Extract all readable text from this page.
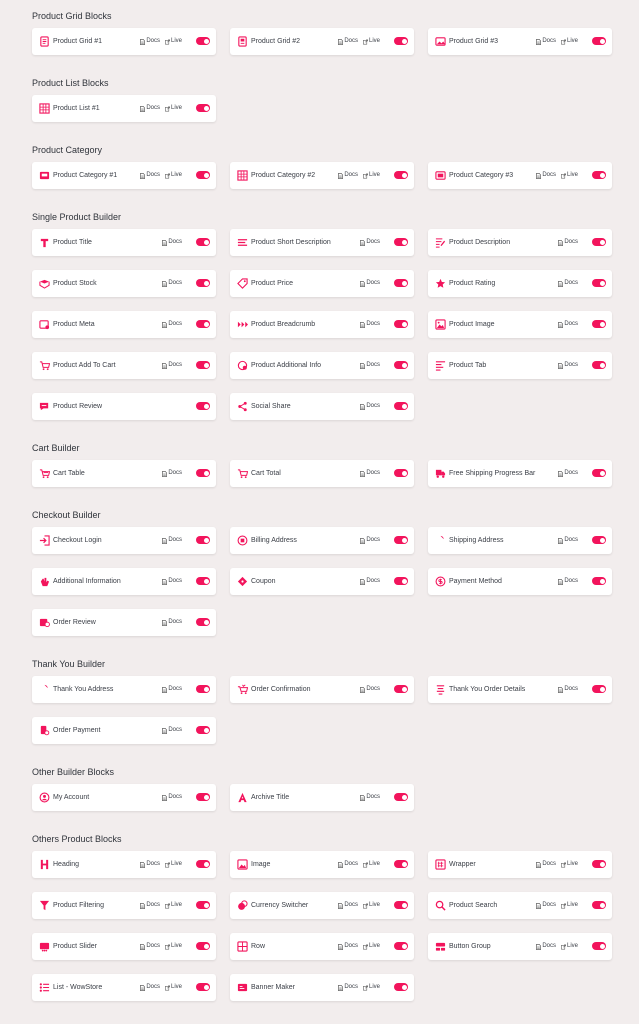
Product Grid Blocks
Product Grid #1	Docs Live	Product Grid #2	Docs Live	Product Grid #3	Docs Live
Product List Blocks
Product List #1	Docs Live
Product Category
Product Category #1	Docs Live	Product Category #2	Docs Live	Product Category #3	Docs Live
Single Product Builder
Product Title	Docs	Product Short Description	Docs	Product Description	Docs
Product Stock	Docs	Product Price	Docs	Product Rating	Docs
Product Meta	Docs	Product Breadcrumb	Docs	Product Image	Docs
Product Add To Cart	Docs	Product Additional Info	Docs	Product Tab	Docs
Product Review	Social Share	Docs
Cart Builder
Cart Table	Docs	Cart Total	Docs	Free Shipping Progress Bar	Docs
Checkout Builder
Checkout Login	Docs	Billing Address	Docs	Shipping Address	Docs
Additional Information	Docs	Coupon	Docs	Payment Method	Docs
Order Review	Docs
Thank You Builder
Thank You Address	Docs	Order Confirmation	Docs	Thank You Order Details	Docs
Order Payment	Docs
Other Builder Blocks
My Account	Docs	Archive Title	Docs
Others Product Blocks
Heading	Docs Live	Image	Docs Live	Wrapper	Docs Live
Product Filtering	Docs Live	Currency Switcher	Docs Live	Product Search	Docs Live
Product Slider	Docs Live	Row	Docs Live	Button Group	Docs Live
List - WowStore	Docs Live	Banner Maker	Docs Live
